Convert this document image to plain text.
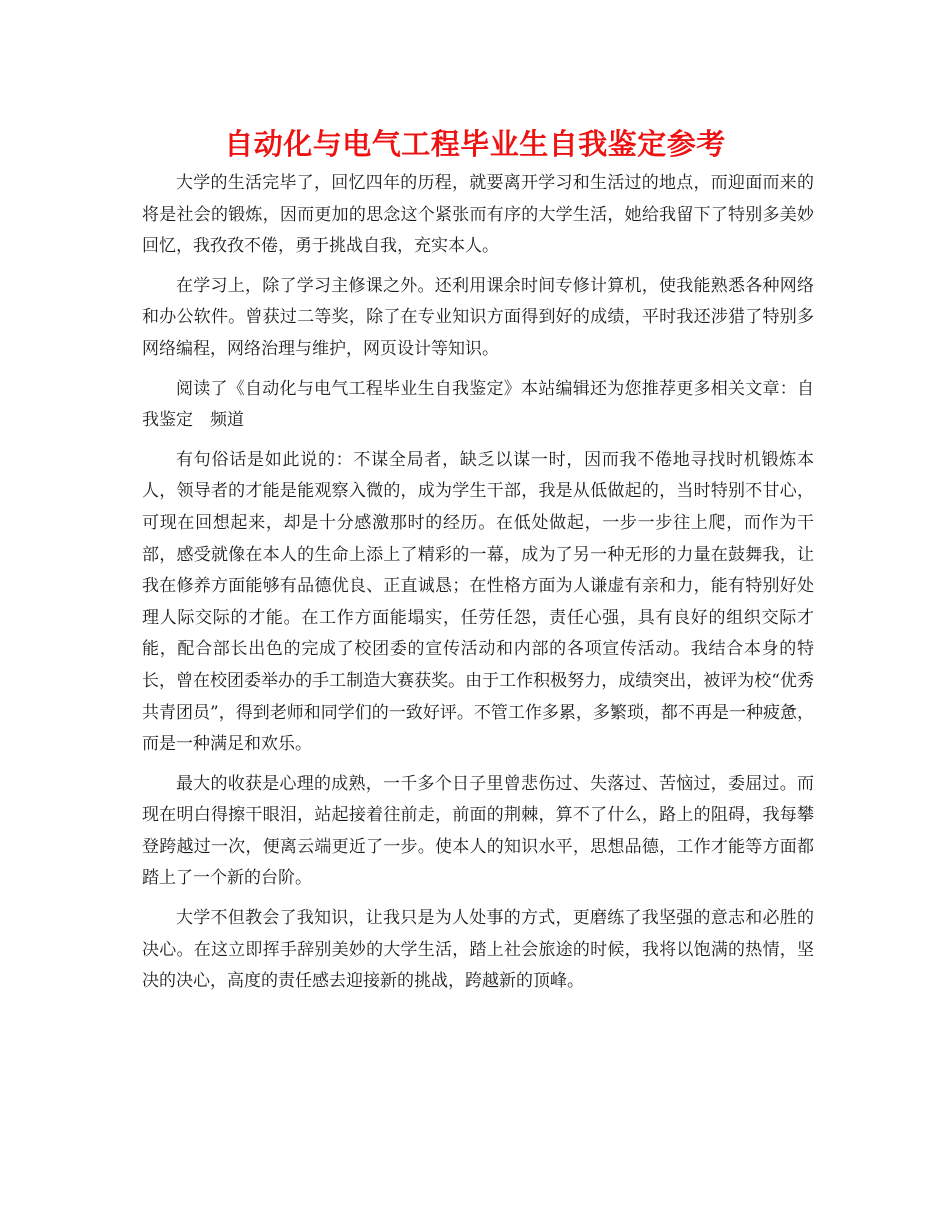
自动化与电气工程毕业生自我鉴定参考

大学的生活完毕了，回忆四年的历程，就要离开学习和生活过的地点，而迎面而来的将是社会的锻炼，因而更加的思念这个紧张而有序的大学生活，她给我留下了特别多美妙回忆，我孜孜不倦，勇于挑战自我，充实本人。

在学习上，除了学习主修课之外。还利用课余时间专修计算机，使我能熟悉各种网络和办公软件。曾获过二等奖，除了在专业知识方面得到好的成绩，平时我还涉猎了特别多网络编程，网络治理与维护，网页设计等知识。

阅读了《自动化与电气工程毕业生自我鉴定》本站编辑还为您推荐更多相关文章：自我鉴定　频道

有句俗话是如此说的：不谋全局者，缺乏以谋一时，因而我不倦地寻找时机锻炼本人，领导者的才能是能观察入微的，成为学生干部，我是从低做起的，当时特别不甘心，可现在回想起来，却是十分感激那时的经历。在低处做起，一步一步往上爬，而作为干部，感受就像在本人的生命上添上了精彩的一幕，成为了另一种无形的力量在鼓舞我，让我在修养方面能够有品德优良、正直诚恳；在性格方面为人谦虚有亲和力，能有特别好处理人际交际的才能。在工作方面能塌实，任劳任怨，责任心强，具有良好的组织交际才能，配合部长出色的完成了校团委的宣传活动和内部的各项宣传活动。我结合本身的特长，曾在校团委举办的手工制造大赛获奖。由于工作积极努力，成绩突出，被评为校“优秀共青团员”，得到老师和同学们的一致好评。不管工作多累，多繁琐，都不再是一种疲惫，而是一种满足和欢乐。

最大的收获是心理的成熟，一千多个日子里曾悲伤过、失落过、苦恼过，委屈过。而现在明白得擦干眼泪，站起接着往前走，前面的荆棘，算不了什么，路上的阻碍，我每攀登跨越过一次，便离云端更近了一步。使本人的知识水平，思想品德，工作才能等方面都踏上了一个新的台阶。

大学不但教会了我知识，让我只是为人处事的方式，更磨练了我坚强的意志和必胜的决心。在这立即挥手辞别美妙的大学生活，踏上社会旅途的时候，我将以饱满的热情，坚决的决心，高度的责任感去迎接新的挑战，跨越新的顶峰。
